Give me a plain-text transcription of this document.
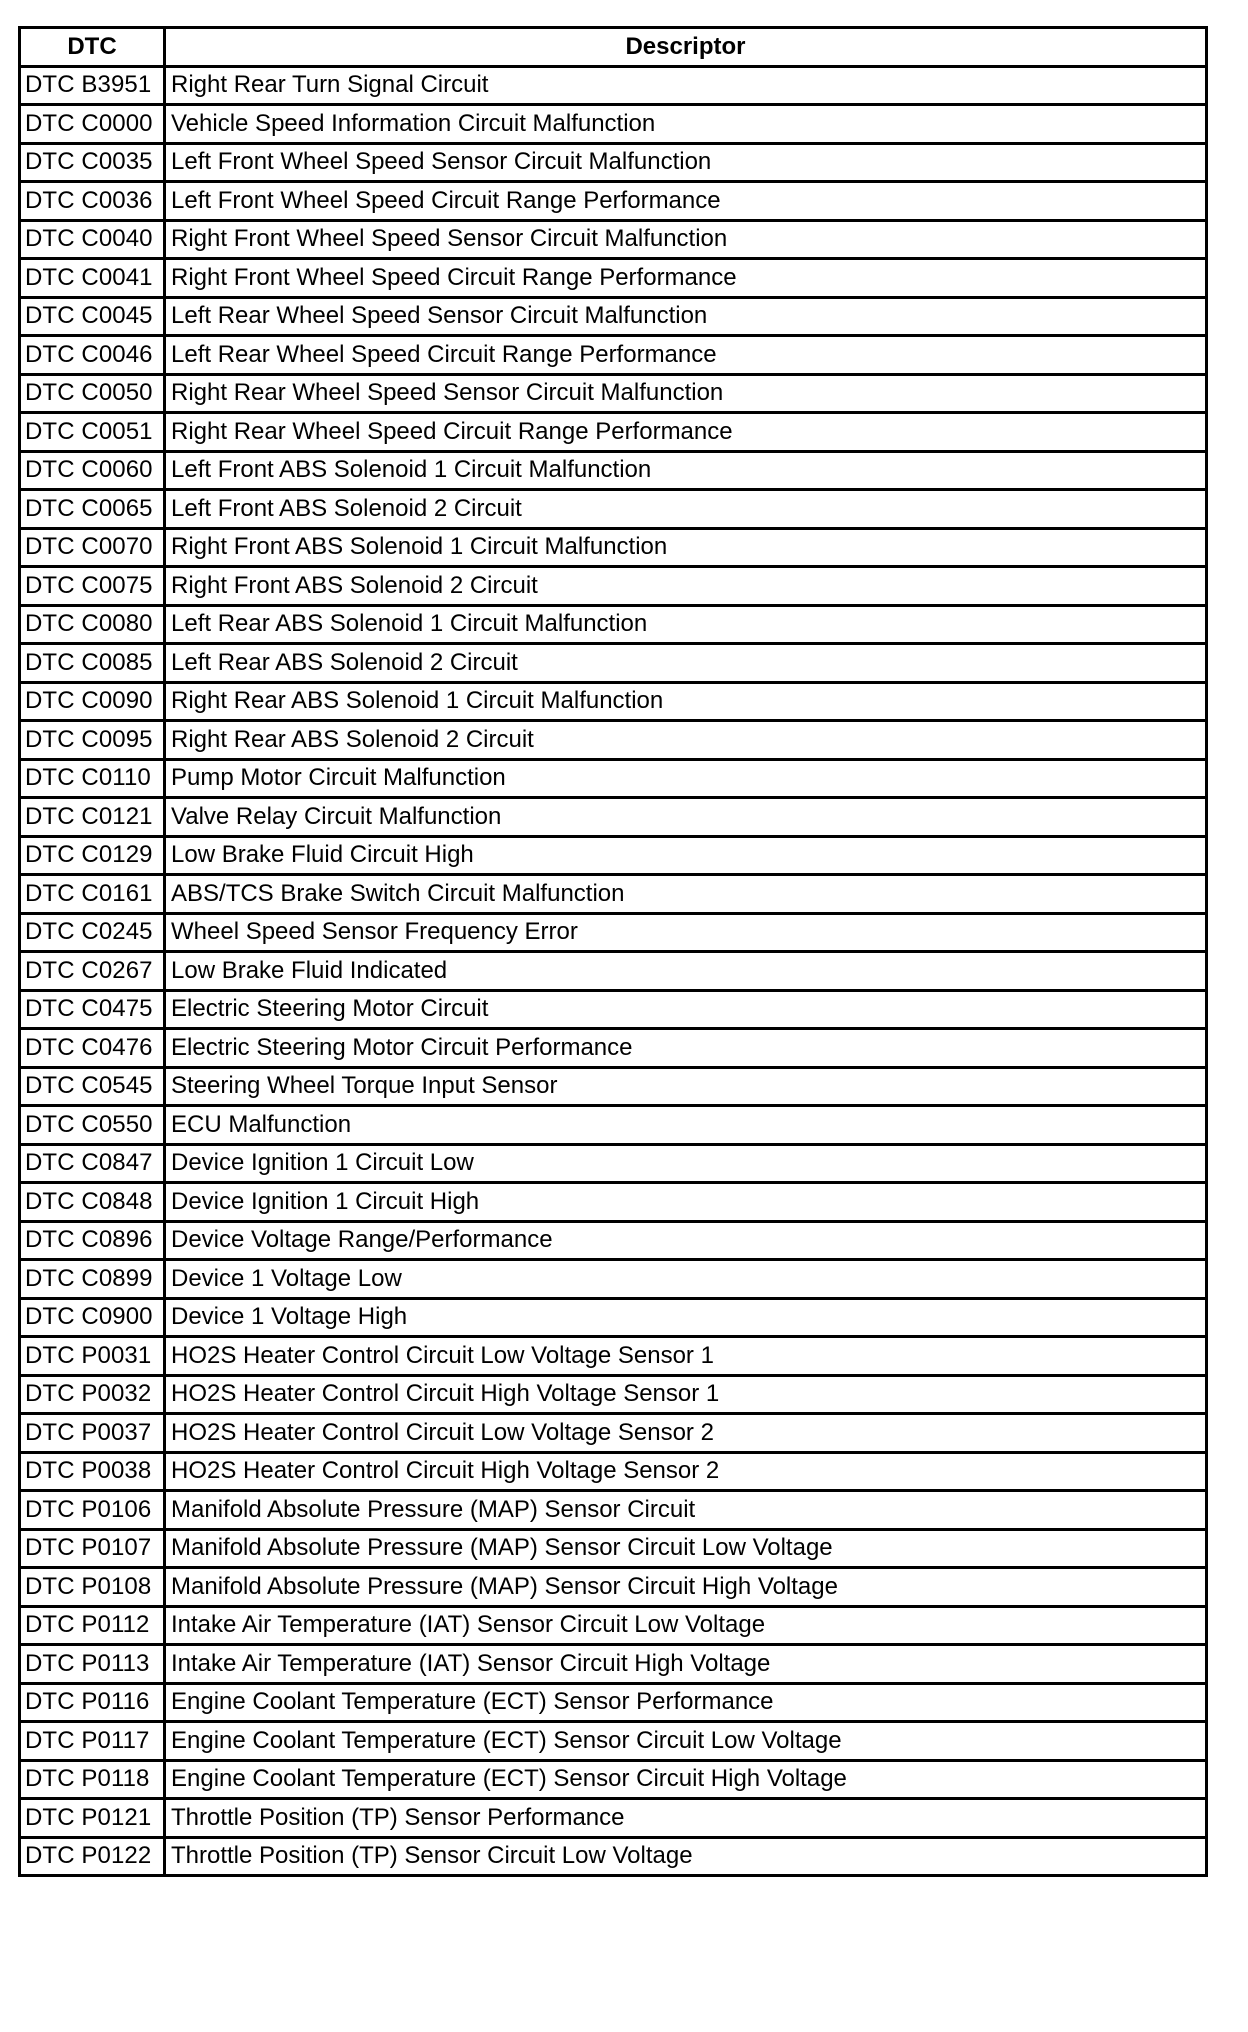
DTC	Descriptor
DTC B3951	Right Rear Turn Signal Circuit
DTC C0000	Vehicle Speed Information Circuit Malfunction
DTC C0035	Left Front Wheel Speed Sensor Circuit Malfunction
DTC C0036	Left Front Wheel Speed Circuit Range Performance
DTC C0040	Right Front Wheel Speed Sensor Circuit Malfunction
DTC C0041	Right Front Wheel Speed Circuit Range Performance
DTC C0045	Left Rear Wheel Speed Sensor Circuit Malfunction
DTC C0046	Left Rear Wheel Speed Circuit Range Performance
DTC C0050	Right Rear Wheel Speed Sensor Circuit Malfunction
DTC C0051	Right Rear Wheel Speed Circuit Range Performance
DTC C0060	Left Front ABS Solenoid 1 Circuit Malfunction
DTC C0065	Left Front ABS Solenoid 2 Circuit
DTC C0070	Right Front ABS Solenoid 1 Circuit Malfunction
DTC C0075	Right Front ABS Solenoid 2 Circuit
DTC C0080	Left Rear ABS Solenoid 1 Circuit Malfunction
DTC C0085	Left Rear ABS Solenoid 2 Circuit
DTC C0090	Right Rear ABS Solenoid 1 Circuit Malfunction
DTC C0095	Right Rear ABS Solenoid 2 Circuit
DTC C0110	Pump Motor Circuit Malfunction
DTC C0121	Valve Relay Circuit Malfunction
DTC C0129	Low Brake Fluid Circuit High
DTC C0161	ABS/TCS Brake Switch Circuit Malfunction
DTC C0245	Wheel Speed Sensor Frequency Error
DTC C0267	Low Brake Fluid Indicated
DTC C0475	Electric Steering Motor Circuit
DTC C0476	Electric Steering Motor Circuit Performance
DTC C0545	Steering Wheel Torque Input Sensor
DTC C0550	ECU Malfunction
DTC C0847	Device Ignition 1 Circuit Low
DTC C0848	Device Ignition 1 Circuit High
DTC C0896	Device Voltage Range/Performance
DTC C0899	Device 1 Voltage Low
DTC C0900	Device 1 Voltage High
DTC P0031	HO2S Heater Control Circuit Low Voltage Sensor 1
DTC P0032	HO2S Heater Control Circuit High Voltage Sensor 1
DTC P0037	HO2S Heater Control Circuit Low Voltage Sensor 2
DTC P0038	HO2S Heater Control Circuit High Voltage Sensor 2
DTC P0106	Manifold Absolute Pressure (MAP) Sensor Circuit
DTC P0107	Manifold Absolute Pressure (MAP) Sensor Circuit Low Voltage
DTC P0108	Manifold Absolute Pressure (MAP) Sensor Circuit High Voltage
DTC P0112	Intake Air Temperature (IAT) Sensor Circuit Low Voltage
DTC P0113	Intake Air Temperature (IAT) Sensor Circuit High Voltage
DTC P0116	Engine Coolant Temperature (ECT) Sensor Performance
DTC P0117	Engine Coolant Temperature (ECT) Sensor Circuit Low Voltage
DTC P0118	Engine Coolant Temperature (ECT) Sensor Circuit High Voltage
DTC P0121	Throttle Position (TP) Sensor Performance
DTC P0122	Throttle Position (TP) Sensor Circuit Low Voltage
